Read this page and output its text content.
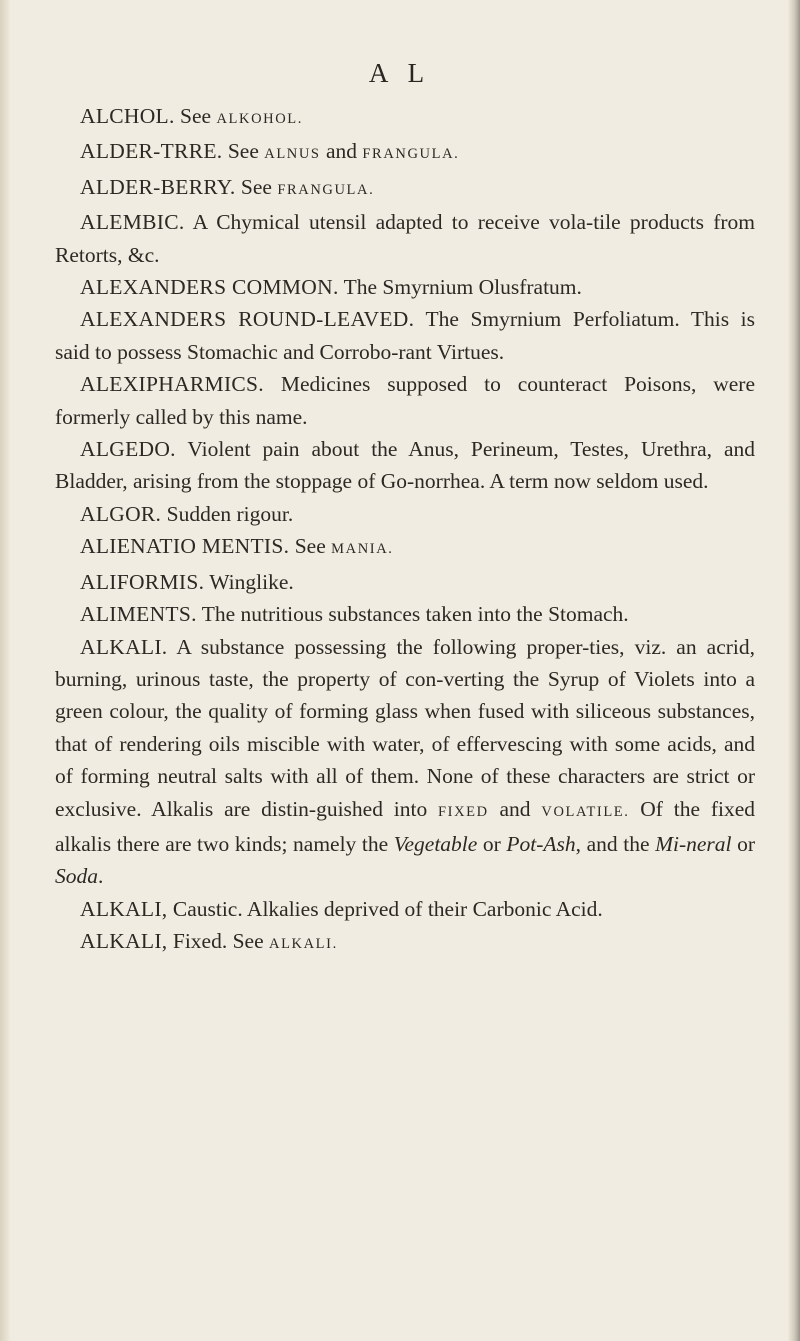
A L

ALCHOL. See ALKOHOL.

ALDER-TRRE. See ALNUS and FRANGULA.

ALDER-BERRY. See FRANGULA.

ALEMBIC. A Chymical utensil adapted to receive vola-tile products from Retorts, &c.

ALEXANDERS COMMON. The Smyrnium Olusfratum.

ALEXANDERS ROUND-LEAVED. The Smyrnium Perfoliatum. This is said to possess Stomachic and Corrobo-rant Virtues.

ALEXIPHARMICS. Medicines supposed to counteract Poisons, were formerly called by this name.

ALGEDO. Violent pain about the Anus, Perineum, Testes, Urethra, and Bladder, arising from the stoppage of Go-norrhea. A term now seldom used.

ALGOR. Sudden rigour.

ALIENATIO MENTIS. See MANIA.

ALIFORMIS. Winglike.

ALIMENTS. The nutritious substances taken into the Stomach.

ALKALI. A substance possessing the following proper-ties, viz. an acrid, burning, urinous taste, the property of con-verting the Syrup of Violets into a green colour, the quality of forming glass when fused with siliceous substances, that of rendering oils miscible with water, of effervescing with some acids, and of forming neutral salts with all of them. None of these characters are strict or exclusive. Alkalis are distin-guished into FIXED and VOLATILE. Of the fixed alkalis there are two kinds; namely the Vegetable or Pot-Ash, and the Mi-neral or Soda.

ALKALI, Caustic. Alkalies deprived of their Carbonic Acid.

ALKALI, Fixed. See ALKALI.
